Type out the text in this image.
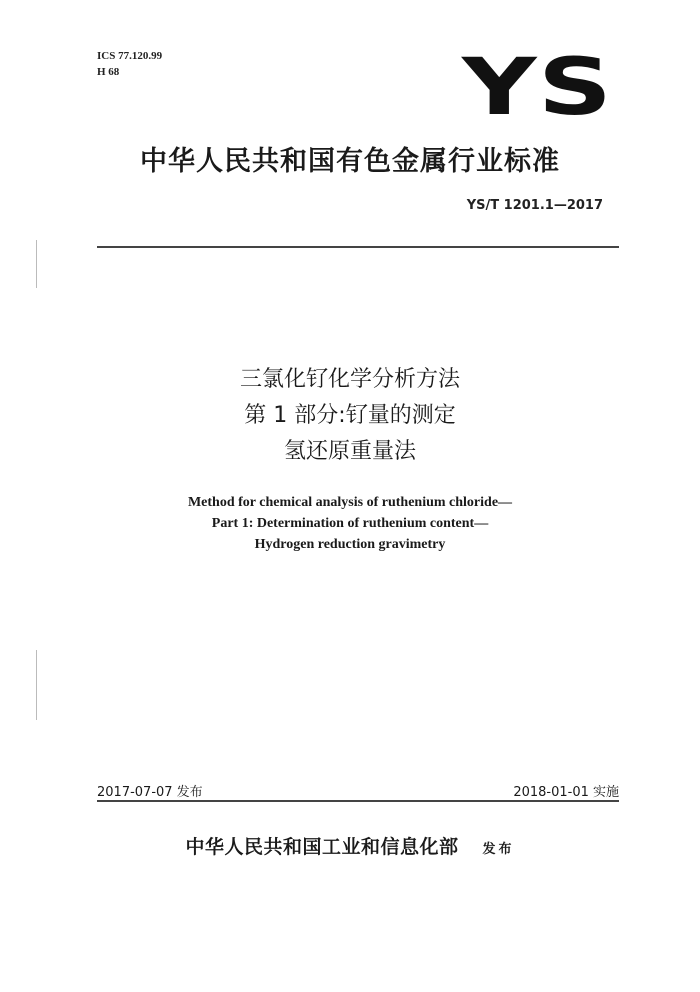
ICS 77.120.99
H 68	YS
中华人民共和国有色金属行业标准
YS/T 1201.1—2017
三氯化钌化学分析方法
第 1 部分:钌量的测定
氢还原重量法
Method for chemical analysis of ruthenium chloride—
Part 1: Determination of ruthenium content—
Hydrogen reduction gravimetry
2017-07-07 发布	2018-01-01 实施
中华人民共和国工业和信息化部 发布
